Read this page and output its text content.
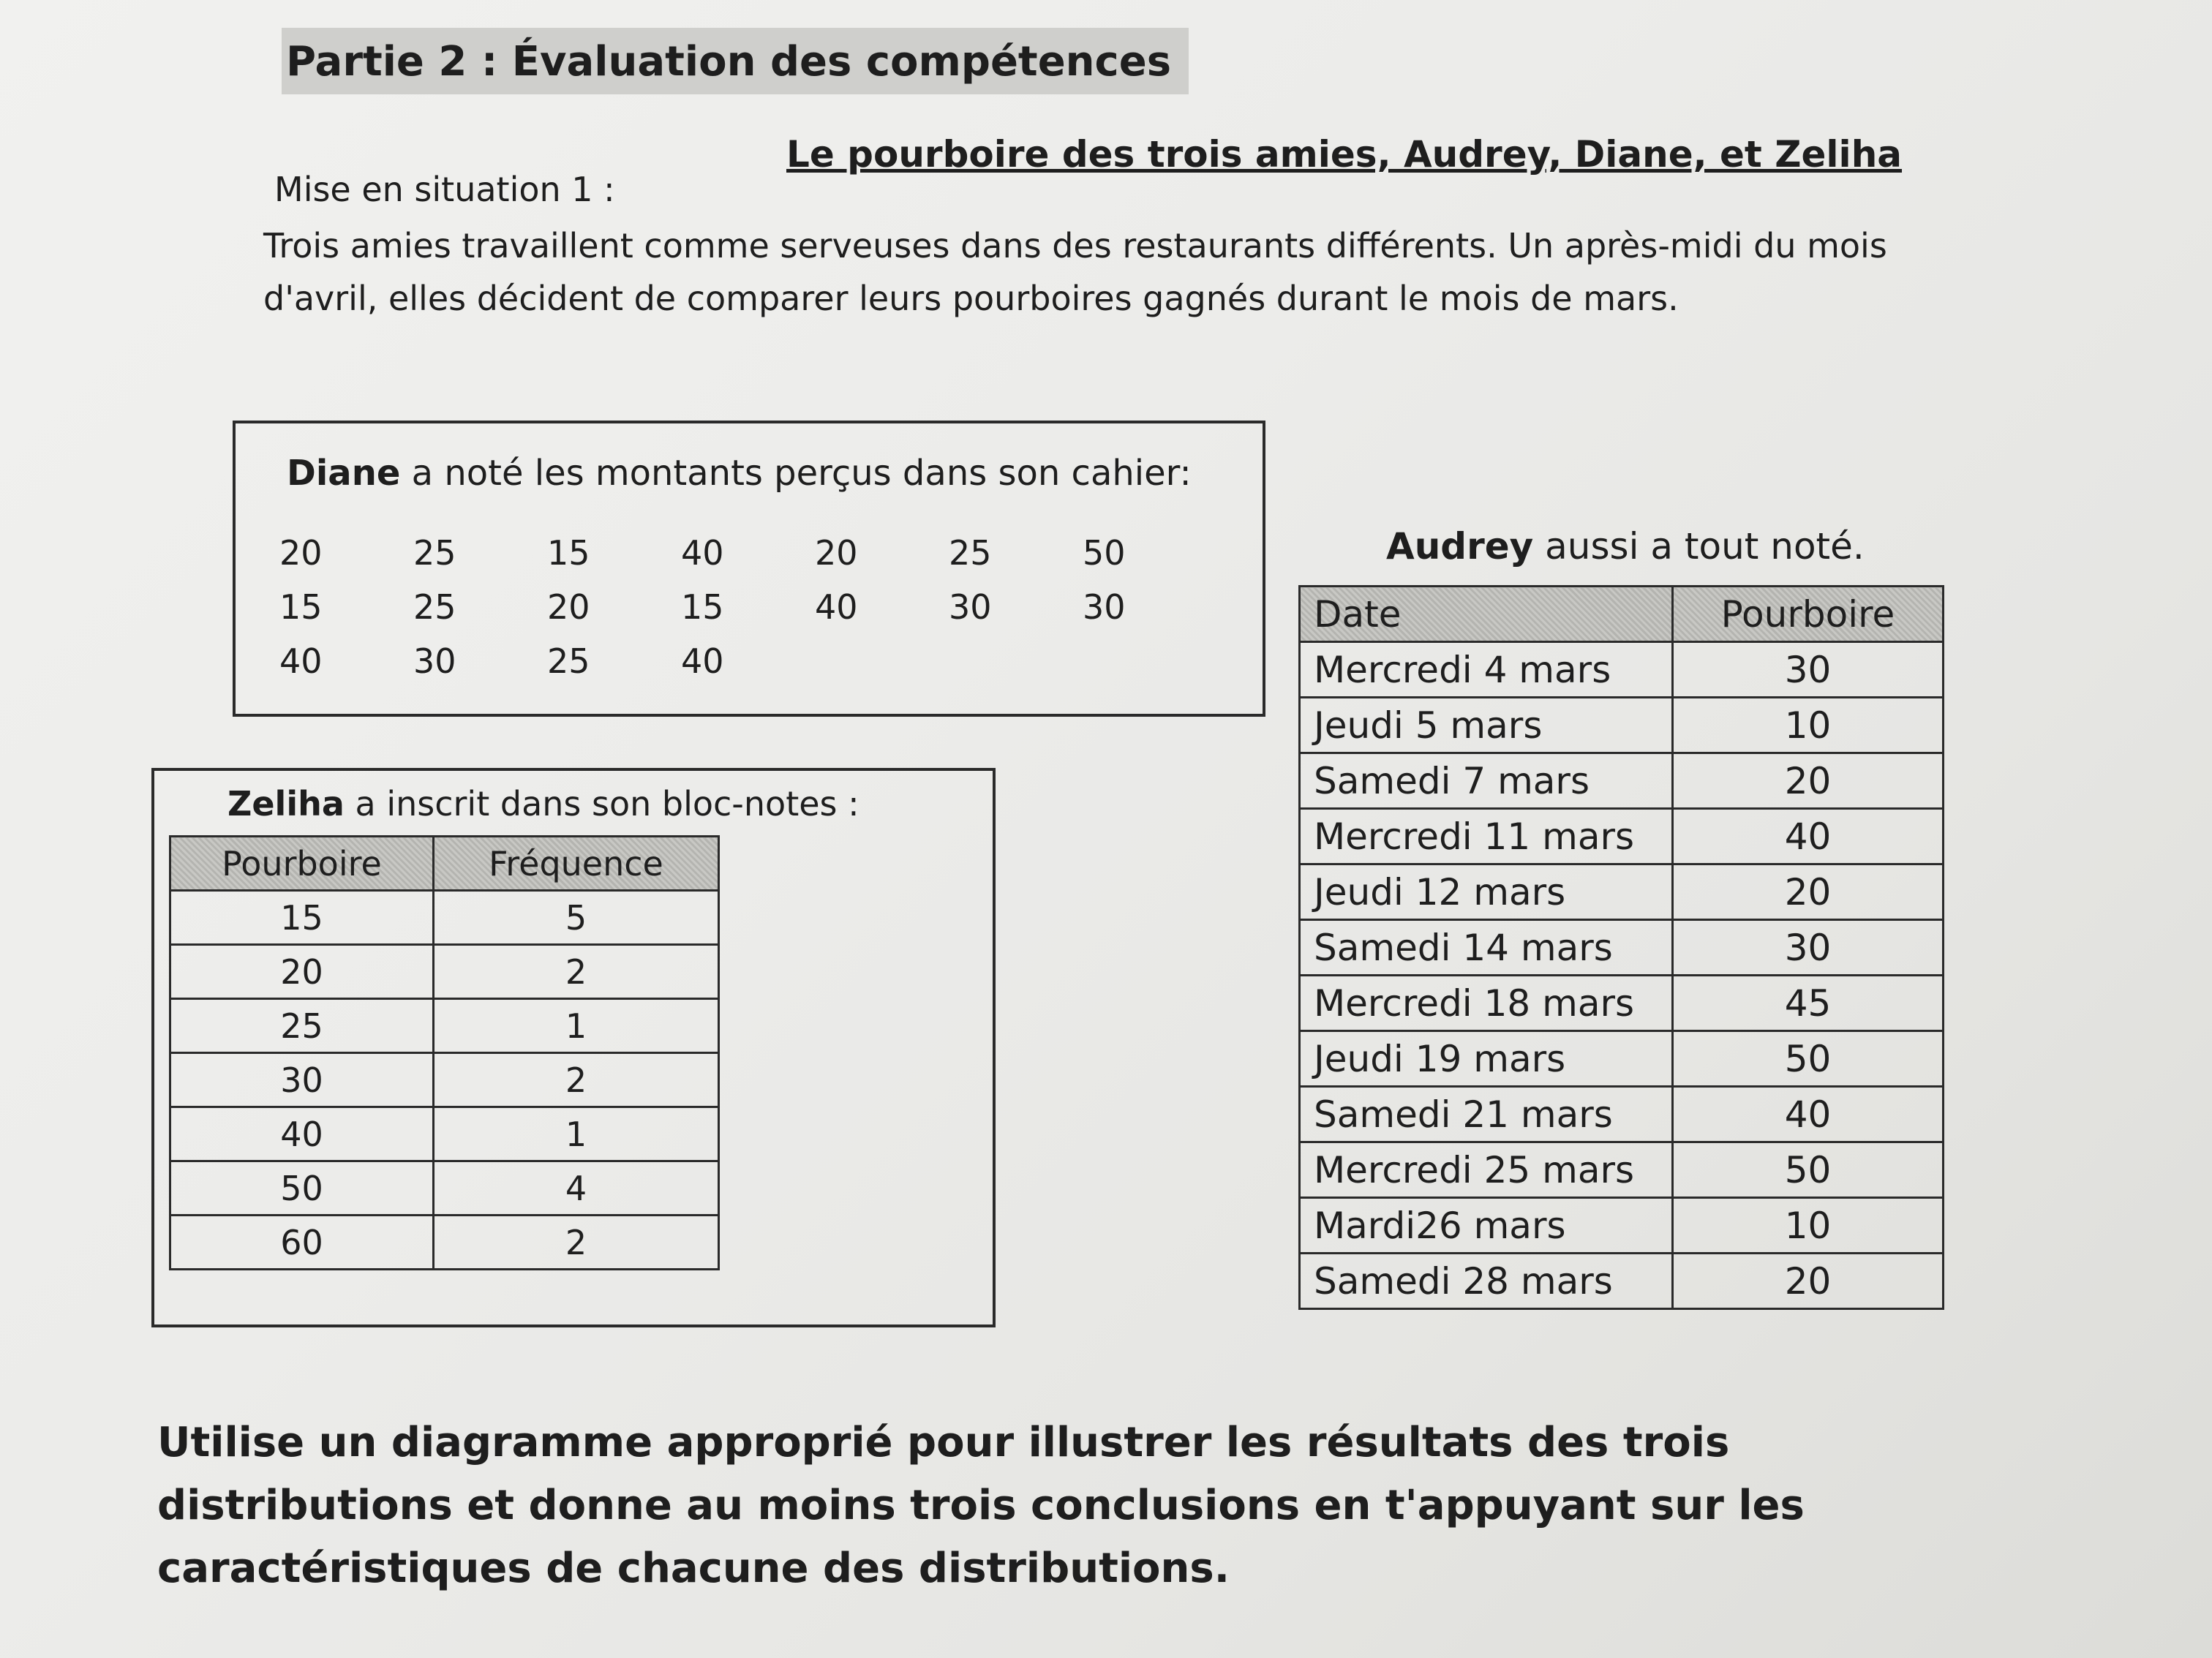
Partie 2 : Évaluation des compétences
Mise en situation 1 :
Le pourboire des trois amies, Audrey, Diane, et Zeliha
Trois amies travaillent comme serveuses dans des restaurants différents. Un après-midi du mois d'avril, elles décident de comparer leurs pourboires gagnés durant le mois de mars.
Diane a noté les montants perçus dans son cahier:
20	25	15	40	20	25	50
15	25	20	15	40	30	30
40	30	25	40
Zeliha a inscrit dans son bloc-notes :
Pourboire	Fréquence
15	5
20	2
25	1
30	2
40	1
50	4
60	2
Audrey aussi a tout noté.
Date	Pourboire
Mercredi 4 mars	30
Jeudi 5 mars	10
Samedi 7 mars	20
Mercredi 11 mars	40
Jeudi 12 mars	20
Samedi 14 mars	30
Mercredi 18 mars	45
Jeudi 19 mars	50
Samedi 21 mars	40
Mercredi 25 mars	50
Mardi26 mars	10
Samedi 28 mars	20
Utilise un diagramme approprié pour illustrer les résultats des trois distributions et donne au moins trois conclusions en t'appuyant sur les caractéristiques de chacune des distributions.
